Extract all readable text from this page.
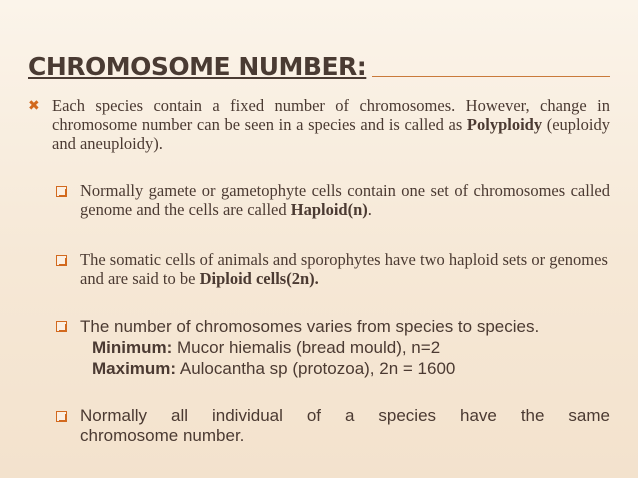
CHROMOSOME NUMBER:
✖ Each species contain a fixed number of chromosomes. However, change in chromosome number can be seen in a species and is called as Polyploidy (euploidy and aneuploidy).
Normally gamete or gametophyte cells contain one set of chromosomes called genome and the cells are called Haploid(n).
The somatic cells of animals and sporophytes have two haploid sets or genomes and are said to be Diploid cells(2n).
The number of chromosomes varies from species to species.
Minimum: Mucor hiemalis (bread mould), n=2
Maximum: Aulocantha sp (protozoa), 2n = 1600
Normally all individual of a species have the same
chromosome number.
